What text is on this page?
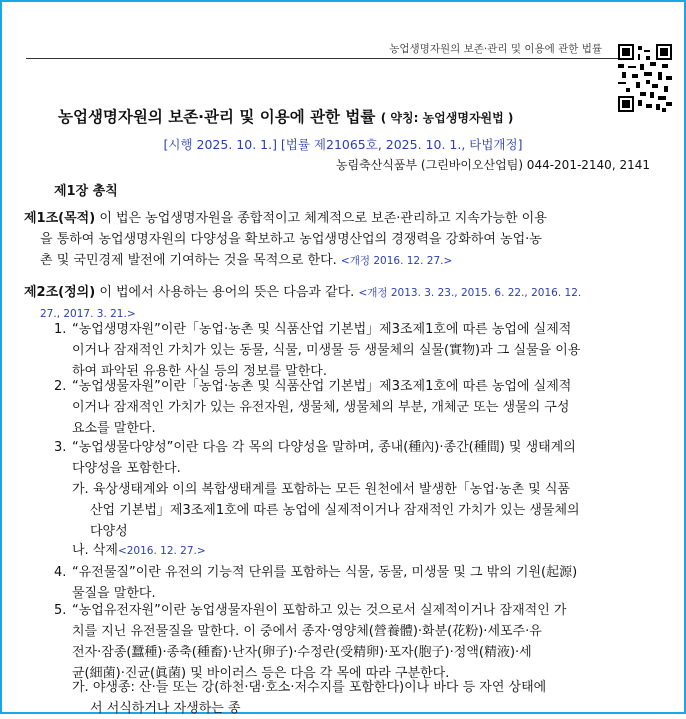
농업생명자원의 보존·관리 및 이용에 관한 법률
농업생명자원의 보존·관리 및 이용에 관한 법률 ( 약칭: 농업생명자원법 )
[시행 2025. 10. 1.] [법률 제21065호, 2025. 10. 1., 타법개정]
농림축산식품부 (그린바이오산업팀) 044-201-2140, 2141
제1장 총칙
제1조(목적) 이 법은 농업생명자원을 종합적이고 체계적으로 보존·관리하고 지속가능한 이용
을 통하여 농업생명자원의 다양성을 확보하고 농업생명산업의 경쟁력을 강화하여 농업·농
촌 및 국민경제 발전에 기여하는 것을 목적으로 한다. <개정 2016. 12. 27.>
제2조(정의) 이 법에서 사용하는 용어의 뜻은 다음과 같다. <개정 2013. 3. 23., 2015. 6. 22., 2016. 12.
27., 2017. 3. 21.>
1. “농업생명자원”이란「농업·농촌 및 식품산업 기본법」제3조제1호에 따른 농업에 실제적
이거나 잠재적인 가치가 있는 동물, 식물, 미생물 등 생물체의 실물(實物)과 그 실물을 이용
하여 파악된 유용한 사실 등의 정보를 말한다.
2. “농업생물자원”이란「농업·농촌 및 식품산업 기본법」제3조제1호에 따른 농업에 실제적
이거나 잠재적인 가치가 있는 유전자원, 생물체, 생물체의 부분, 개체군 또는 생물의 구성
요소를 말한다.
3. “농업생물다양성”이란 다음 각 목의 다양성을 말하며, 종내(種內)·종간(種間) 및 생태계의
다양성을 포함한다.
가. 육상생태계와 이의 복합생태계를 포함하는 모든 원천에서 발생한「농업·농촌 및 식품
산업 기본법」제3조제1호에 따른 농업에 실제적이거나 잠재적인 가치가 있는 생물체의
다양성
나. 삭제<2016. 12. 27.>
4. “유전물질”이란 유전의 기능적 단위를 포함하는 식물, 동물, 미생물 및 그 밖의 기원(起源)
물질을 말한다.
5. “농업유전자원”이란 농업생물자원이 포함하고 있는 것으로서 실제적이거나 잠재적인 가
치를 지닌 유전물질을 말한다. 이 중에서 종자·영양체(營養體)·화분(花粉)·세포주·유
전자·잠종(蠶種)·종축(種畜)·난자(卵子)·수정란(受精卵)·포자(胞子)·정액(精液)·세
균(細菌)·진균(眞菌) 및 바이러스 등은 다음 각 목에 따라 구분한다.
가. 야생종: 산·들 또는 강(하천·댐·호소·저수지를 포함한다)이나 바다 등 자연 상태에
서 서식하거나 자생하는 종
